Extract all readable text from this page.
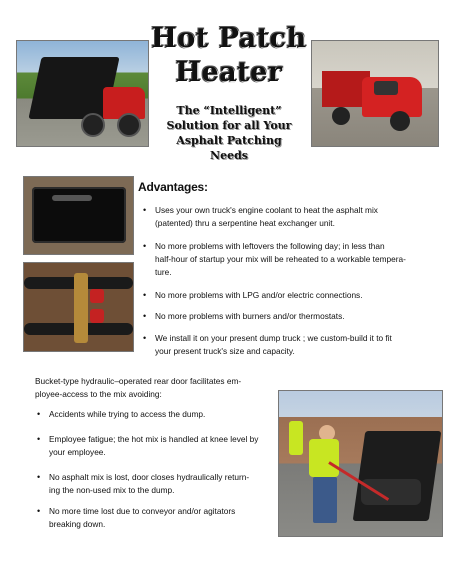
Hot Patch
Heater
The “Intelligent”
Solution for all Your
Asphalt Patching
Needs
Advantages:
• Uses your own truck's engine coolant to heat the asphalt mix
(patented) thru a serpentine heat exchanger unit.
• No more problems with leftovers the following day; in less than
half-hour of startup your mix will be reheated to a workable tempera-
ture.
• No more problems with LPG and/or electric connections.
• No more problems with burners and/or thermostats.
• We install it on your present dump truck ; we custom-build it to fit
your present truck's size and capacity.
Bucket-type hydraulic–operated rear door facilitates em-
ployee-access to the mix avoiding:
• Accidents while trying to access the dump.
• Employee fatigue; the hot mix is handled at knee level by
your employee.
• No asphalt mix is lost, door closes hydraulically return-
ing the non-used mix to the dump.
• No more time lost due to conveyor and/or agitators
breaking down.
